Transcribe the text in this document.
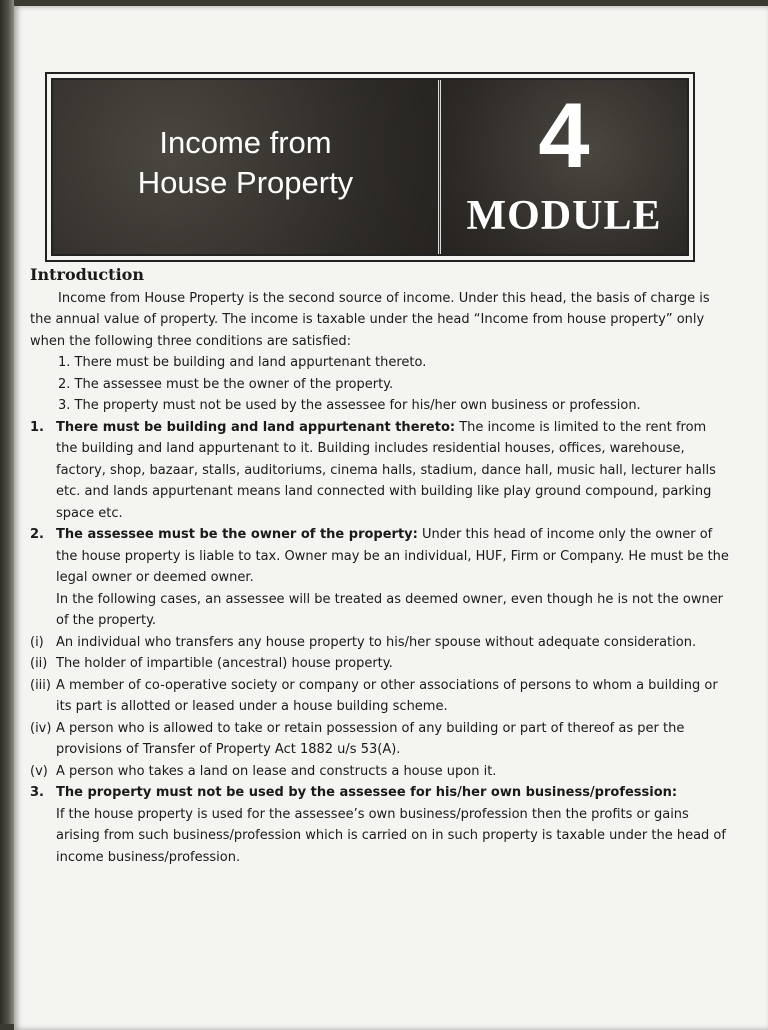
Income from
House Property	4
MODULE
Introduction

Income from House Property is the second source of income. Under this head, the basis of charge is the annual value of property. The income is taxable under the head “Income from house property” only when the following three conditions are satisfied:

1. There must be building and land appurtenant thereto.

2. The assessee must be the owner of the property.

3. The property must not be used by the assessee for his/her own business or profession.

1. There must be building and land appurtenant thereto: The income is limited to the rent from the building and land appurtenant to it. Building includes residential houses, offices, warehouse, factory, shop, bazaar, stalls, auditoriums, cinema halls, stadium, dance hall, music hall, lecturer halls etc. and lands appurtenant means land connected with building like play ground compound, parking space etc.

2. The assessee must be the owner of the property: Under this head of income only the owner of the house property is liable to tax. Owner may be an individual, HUF, Firm or Company. He must be the legal owner or deemed owner.

In the following cases, an assessee will be treated as deemed owner, even though he is not the owner of the property.

(i) An individual who transfers any house property to his/her spouse without adequate consideration.

(ii) The holder of impartible (ancestral) house property.

(iii) A member of co-operative society or company or other associations of persons to whom a building or its part is allotted or leased under a house building scheme.

(iv) A person who is allowed to take or retain possession of any building or part of thereof as per the provisions of Transfer of Property Act 1882 u/s 53(A).

(v) A person who takes a land on lease and constructs a house upon it.

3. The property must not be used by the assessee for his/her own business/profession:

If the house property is used for the assessee’s own business/profession then the profits or gains arising from such business/profession which is carried on in such property is taxable under the head of income business/profession.
